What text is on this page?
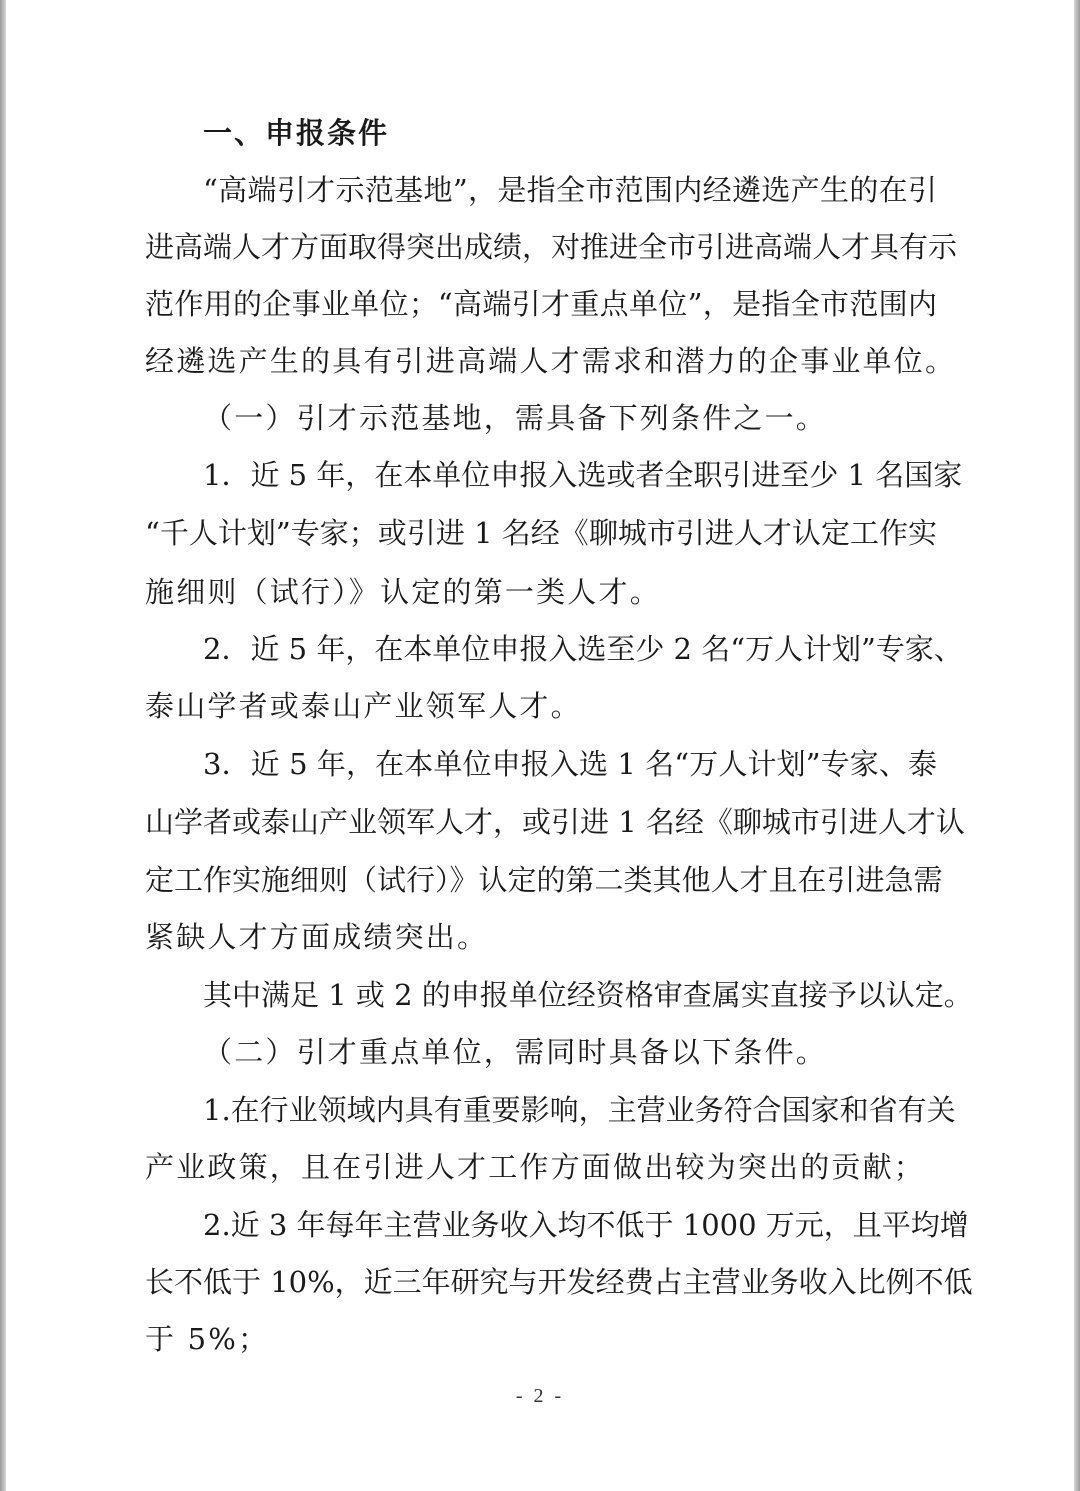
一、申报条件
“高端引才示范基地”，是指全市范围内经遴选产生的在引
进高端人才方面取得突出成绩，对推进全市引进高端人才具有示
范作用的企事业单位；“高端引才重点单位”，是指全市范围内
经遴选产生的具有引进高端人才需求和潜力的企事业单位。
（一）引才示范基地，需具备下列条件之一。
1．近 5 年，在本单位申报入选或者全职引进至少 1 名国家
“千人计划”专家；或引进 1 名经《聊城市引进人才认定工作实
施细则（试行）》认定的第一类人才。
2．近 5 年，在本单位申报入选至少 2 名“万人计划”专家、
泰山学者或泰山产业领军人才。
3．近 5 年，在本单位申报入选 1 名“万人计划”专家、泰
山学者或泰山产业领军人才，或引进 1 名经《聊城市引进人才认
定工作实施细则（试行）》认定的第二类其他人才且在引进急需
紧缺人才方面成绩突出。
其中满足 1 或 2 的申报单位经资格审查属实直接予以认定。
（二）引才重点单位，需同时具备以下条件。
1.在行业领域内具有重要影响，主营业务符合国家和省有关
产业政策，且在引进人才工作方面做出较为突出的贡献；
2.近 3 年每年主营业务收入均不低于 1000 万元，且平均增
长不低于 10%，近三年研究与开发经费占主营业务收入比例不低
于 5%；
- 2 -
